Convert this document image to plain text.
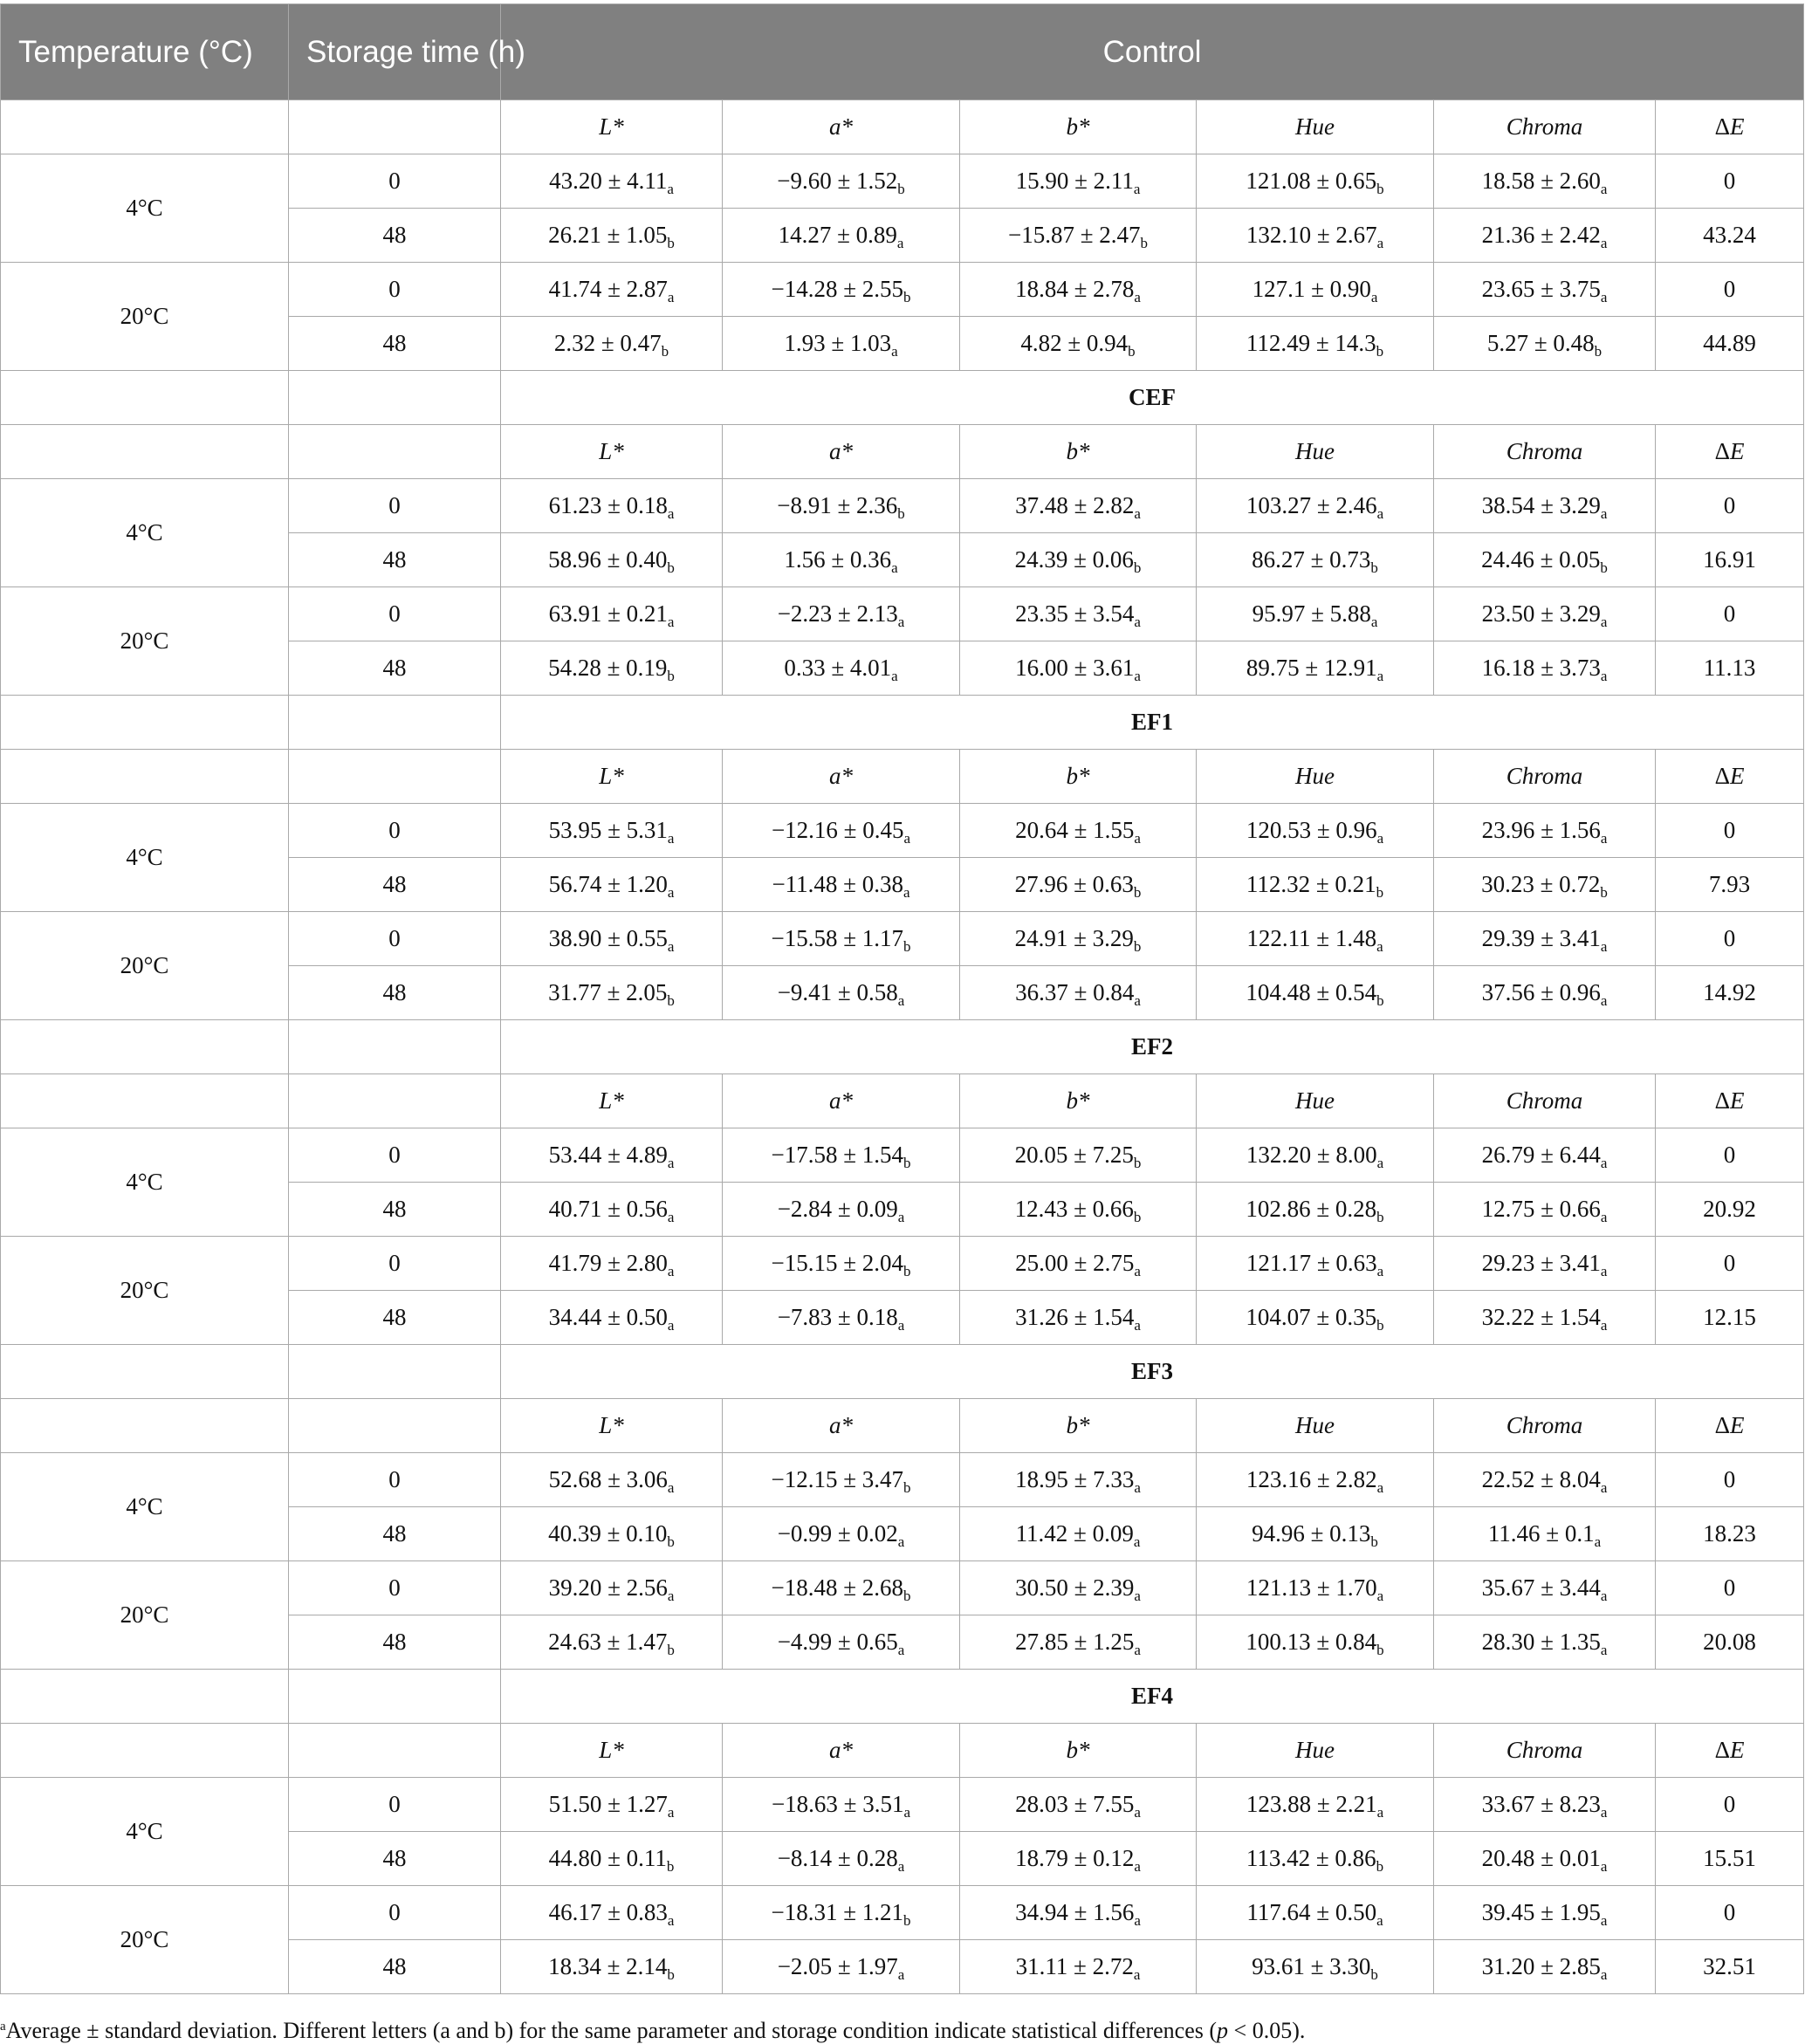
Temperature (°C)	Storage time (h)	Control					
		L*	a*	b*	Hue	Chroma	ΔE
4°C	0	$43.20 \pm 4.11_a$	$-9.60 \pm 1.52_b$	$15.90 \pm 2.11_a$	$121.08 \pm 0.65_b$	$18.58 \pm 2.60_a$	0
	48	$26.21 \pm 1.05_b$	$14.27 \pm 0.89_a$	$-15.87 \pm 2.47_b$	$132.10 \pm 2.67_a$	$21.36 \pm 2.42_a$	43.24
20°C	0	$41.74 \pm 2.87_a$	$-14.28 \pm 2.55_b$	$18.84 \pm 2.78_a$	$127.1 \pm 0.90_a$	$23.65 \pm 3.75_a$	0
	48	$2.32 \pm 0.47_b$	$1.93 \pm 1.03_a$	$4.82 \pm 0.94_b$	$112.49 \pm 14.3_b$	$5.27 \pm 0.48_b$	44.89
		CEF					
		L*	a*	b*	Hue	Chroma	ΔE
4°C	0	$61.23 \pm 0.18_a$	$-8.91 \pm 2.36_b$	$37.48 \pm 2.82_a$	$103.27 \pm 2.46_a$	$38.54 \pm 3.29_a$	0
	48	$58.96 \pm 0.40_b$	$1.56 \pm 0.36_a$	$24.39 \pm 0.06_b$	$86.27 \pm 0.73_b$	$24.46 \pm 0.05_b$	16.91
20°C	0	$63.91 \pm 0.21_a$	$-2.23 \pm 2.13_a$	$23.35 \pm 3.54_a$	$95.97 \pm 5.88_a$	$23.50 \pm 3.29_a$	0
	48	$54.28 \pm 0.19_b$	$0.33 \pm 4.01_a$	$16.00 \pm 3.61_a$	$89.75 \pm 12.91_a$	$16.18 \pm 3.73_a$	11.13
		EF1					
		L*	a*	b*	Hue	Chroma	ΔE
4°C	0	$53.95 \pm 5.31_a$	$-12.16 \pm 0.45_a$	$20.64 \pm 1.55_a$	$120.53 \pm 0.96_a$	$23.96 \pm 1.56_a$	0
	48	$56.74 \pm 1.20_a$	$-11.48 \pm 0.38_a$	$27.96 \pm 0.63_b$	$112.32 \pm 0.21_b$	$30.23 \pm 0.72_b$	7.93
20°C	0	$38.90 \pm 0.55_a$	$-15.58 \pm 1.17_b$	$24.91 \pm 3.29_b$	$122.11 \pm 1.48_a$	$29.39 \pm 3.41_a$	0
	48	$31.77 \pm 2.05_b$	$-9.41 \pm 0.58_a$	$36.37 \pm 0.84_a$	$104.48 \pm 0.54_b$	$37.56 \pm 0.96_a$	14.92
		EF2					
		L*	a*	b*	Hue	Chroma	ΔE
4°C	0	$53.44 \pm 4.89_a$	$-17.58 \pm 1.54_b$	$20.05 \pm 7.25_b$	$132.20 \pm 8.00_a$	$26.79 \pm 6.44_a$	0
	48	$40.71 \pm 0.56_a$	$-2.84 \pm 0.09_a$	$12.43 \pm 0.66_b$	$102.86 \pm 0.28_b$	$12.75 \pm 0.66_a$	20.92
20°C	0	$41.79 \pm 2.80_a$	$-15.15 \pm 2.04_b$	$25.00 \pm 2.75_a$	$121.17 \pm 0.63_a$	$29.23 \pm 3.41_a$	0
	48	$34.44 \pm 0.50_a$	$-7.83 \pm 0.18_a$	$31.26 \pm 1.54_a$	$104.07 \pm 0.35_b$	$32.22 \pm 1.54_a$	12.15
		EF3					
		L*	a*	b*	Hue	Chroma	ΔE
4°C	0	$52.68 \pm 3.06_a$	$-12.15 \pm 3.47_b$	$18.95 \pm 7.33_a$	$123.16 \pm 2.82_a$	$22.52 \pm 8.04_a$	0
	48	$40.39 \pm 0.10_b$	$-0.99 \pm 0.02_a$	$11.42 \pm 0.09_a$	$94.96 \pm 0.13_b$	$11.46 \pm 0.1_a$	18.23
20°C	0	$39.20 \pm 2.56_a$	$-18.48 \pm 2.68_b$	$30.50 \pm 2.39_a$	$121.13 \pm 1.70_a$	$35.67 \pm 3.44_a$	0
	48	$24.63 \pm 1.47_b$	$-4.99 \pm 0.65_a$	$27.85 \pm 1.25_a$	$100.13 \pm 0.84_b$	$28.30 \pm 1.35_a$	20.08
		EF4					
		L*	a*	b*	Hue	Chroma	ΔE
4°C	0	$51.50 \pm 1.27_a$	$-18.63 \pm 3.51_a$	$28.03 \pm 7.55_a$	$123.88 \pm 2.21_a$	$33.67 \pm 8.23_a$	0
	48	$44.80 \pm 0.11_b$	$-8.14 \pm 0.28_a$	$18.79 \pm 0.12_a$	$113.42 \pm 0.86_b$	$20.48 \pm 0.01_a$	15.51
20°C	0	$46.17 \pm 0.83_a$	$-18.31 \pm 1.21_b$	$34.94 \pm 1.56_a$	$117.64 \pm 0.50_a$	$39.45 \pm 1.95_a$	0
	48	$18.34 \pm 2.14_b$	$-2.05 \pm 1.97_a$	$31.11 \pm 2.72_a$	$93.61 \pm 3.30_b$	$31.20 \pm 2.85_a$	32.51
$^a$Average ± standard deviation. Different letters (a and b) for the same parameter and storage condition indicate statistical differences (p < 0.05).
